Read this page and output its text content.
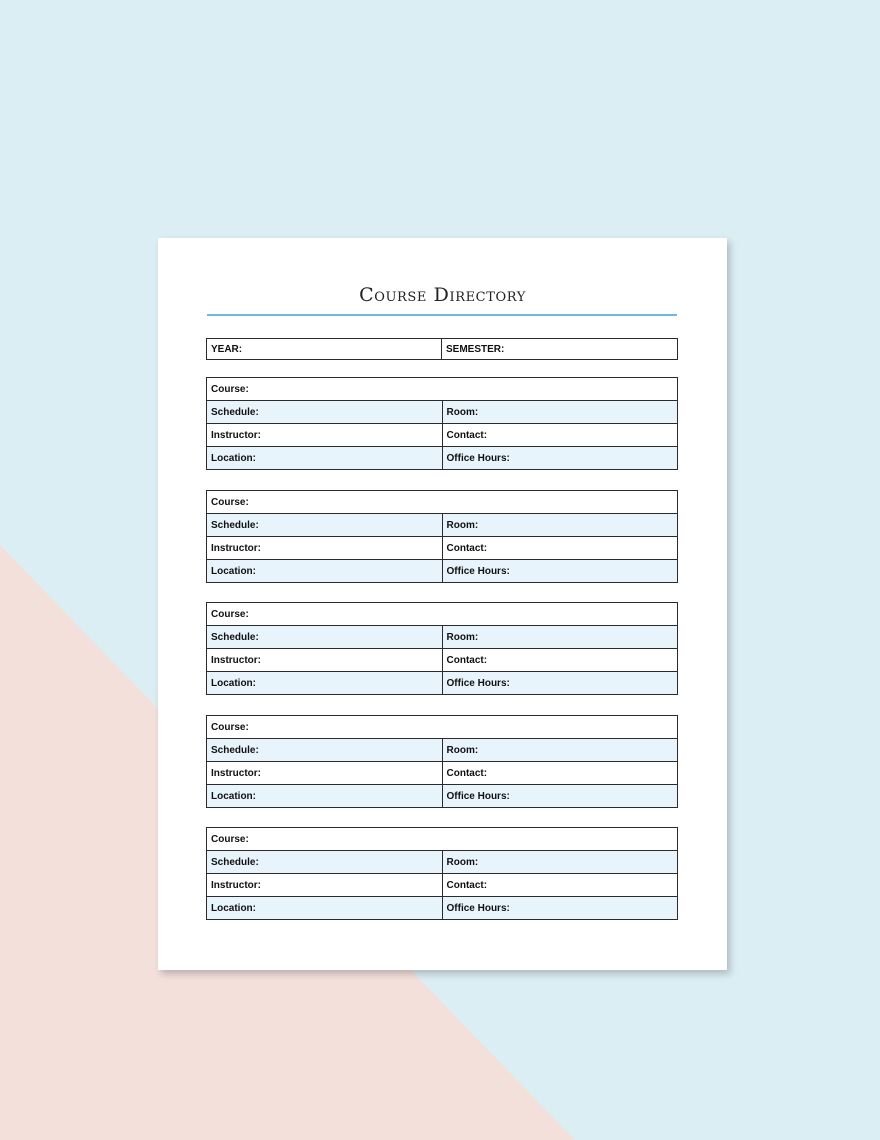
Course Directory
YEAR:	SEMESTER:
Course:	
Schedule:	Room:
Instructor:	Contact:
Location:	Office Hours:
Course:	
Schedule:	Room:
Instructor:	Contact:
Location:	Office Hours:
Course:	
Schedule:	Room:
Instructor:	Contact:
Location:	Office Hours:
Course:	
Schedule:	Room:
Instructor:	Contact:
Location:	Office Hours:
Course:	
Schedule:	Room:
Instructor:	Contact:
Location:	Office Hours:
